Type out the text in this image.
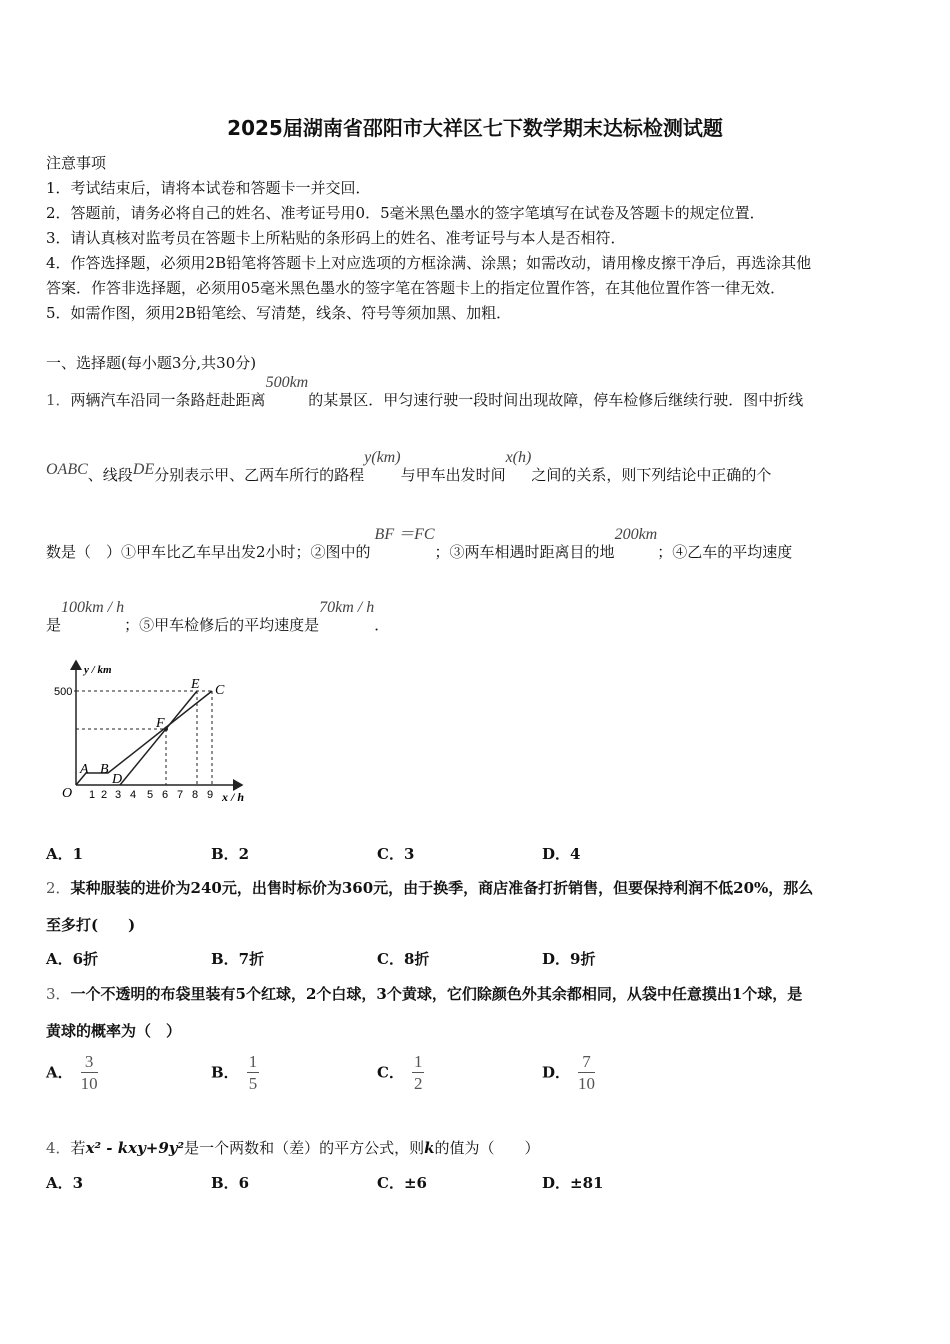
2025届湖南省邵阳市大祥区七下数学期末达标检测试题
注意事项
1．考试结束后，请将本试卷和答题卡一并交回．
2．答题前，请务必将自己的姓名、准考证号用0．5毫米黑色墨水的签字笔填写在试卷及答题卡的规定位置．
3．请认真核对监考员在答题卡上所粘贴的条形码上的姓名、准考证号与本人是否相符．
4．作答选择题，必须用2B铅笔将答题卡上对应选项的方框涂满、涂黑；如需改动，请用橡皮擦干净后，再选涂其他
答案．作答非选择题，必须用05毫米黑色墨水的签字笔在答题卡上的指定位置作答，在其他位置作答一律无效．
5．如需作图，须用2B铅笔绘、写清楚，线条、符号等须加黑、加粗．
一、选择题(每小题3分,共30分)
1．两辆汽车沿同一条路赶赴距离500km的某景区．甲匀速行驶一段时间出现故障，停车检修后继续行驶．图中折线
OABC、线段DE分别表示甲、乙两车所行的路程y(km)与甲车出发时间x(h)之间的关系，则下列结论中正确的个
数是（　）①甲车比乙车早出发2小时；②图中的BF ＝FC；③两车相遇时距离目的地200km；④乙车的平均速度
是100km / h；⑤甲车检修后的平均速度是70km / h．
y / km
x / h
500
1 2 3 4 5 6 7 8 9
O
A B
D
F
E C
A．1	B．2	C．3	D．4
2．某种服装的进价为240元，出售时标价为360元，由于换季，商店准备打折销售，但要保持利润不低20%，那么
至多打(　　)
A．6折	B．7折	C．8折	D．9折
3．一个不透明的布袋里装有5个红球，2个白球，3个黄球，它们除颜色外其余都相同，从袋中任意摸出1个球，是
黄球的概率为（　）
A． $\frac{3}{10}$	B． $\frac{1}{5}$	C． $\frac{1}{2}$	D． $\frac{7}{10}$
4．若x² - kxy+9y²是一个两数和（差）的平方公式，则k的值为（　　）
A．3	B．6	C．±6	D．±81
